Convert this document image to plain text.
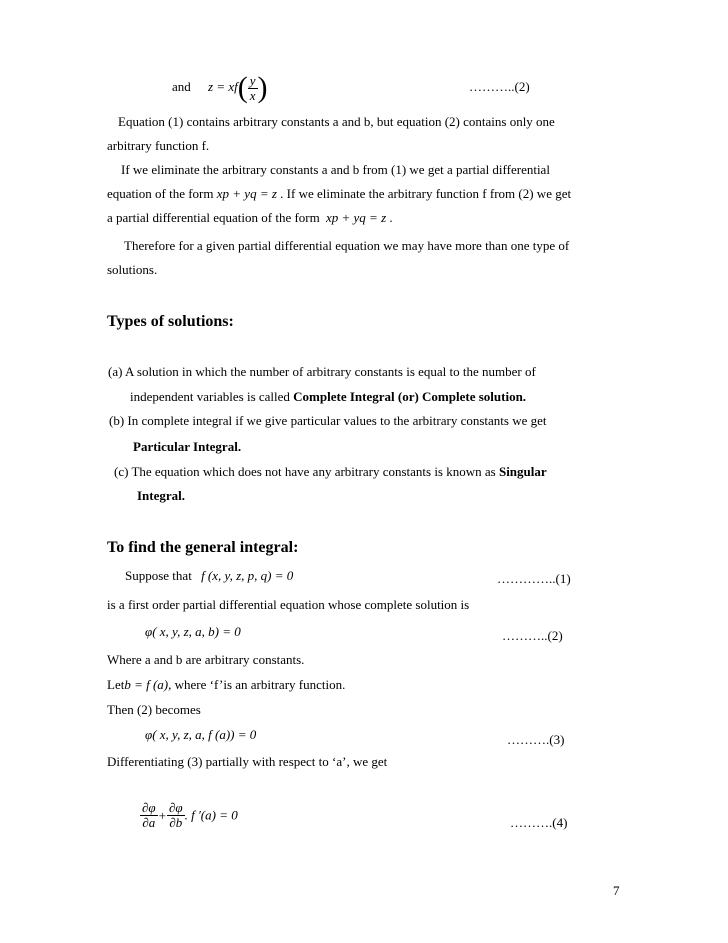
and $z = xf( \frac{y}{x}$ )	………..(2)
Equation (1) contains arbitrary constants a and b, but equation (2) contains only one
arbitrary function f.
If we eliminate the arbitrary constants a and b from (1) we get a partial differential
equation of the form xp + yq = z . If we eliminate the arbitrary function f from (2) we get
a partial differential equation of the form xp + yq = z .
Therefore for a given partial differential equation we may have more than one type of
solutions.
Types of solutions:
(a) A solution in which the number of arbitrary constants is equal to the number of
independent variables is called Complete Integral (or) Complete solution.
(b) In complete integral if we give particular values to the arbitrary constants we get
Particular Integral.
(c) The equation which does not have any arbitrary constants is known as Singular
Integral.
To find the general integral:
Suppose that f (x, y, z, p, q) = 0	…………..(1)
is a first order partial differential equation whose complete solution is
φ( x, y, z, a, b) = 0	………..(2)
Where a and b are arbitrary constants.
Letb = f (a), where ‘f’is an arbitrary function.
Then (2) becomes
φ( x, y, z, a, f (a)) = 0	……….(3)
Differentiating (3) partially with respect to ‘a’, we get
$\frac{\partial\varphi}{\partial a} + \frac{\partial\varphi}{\partial b}$ . f ′(a) = 0	……….(4)
7
